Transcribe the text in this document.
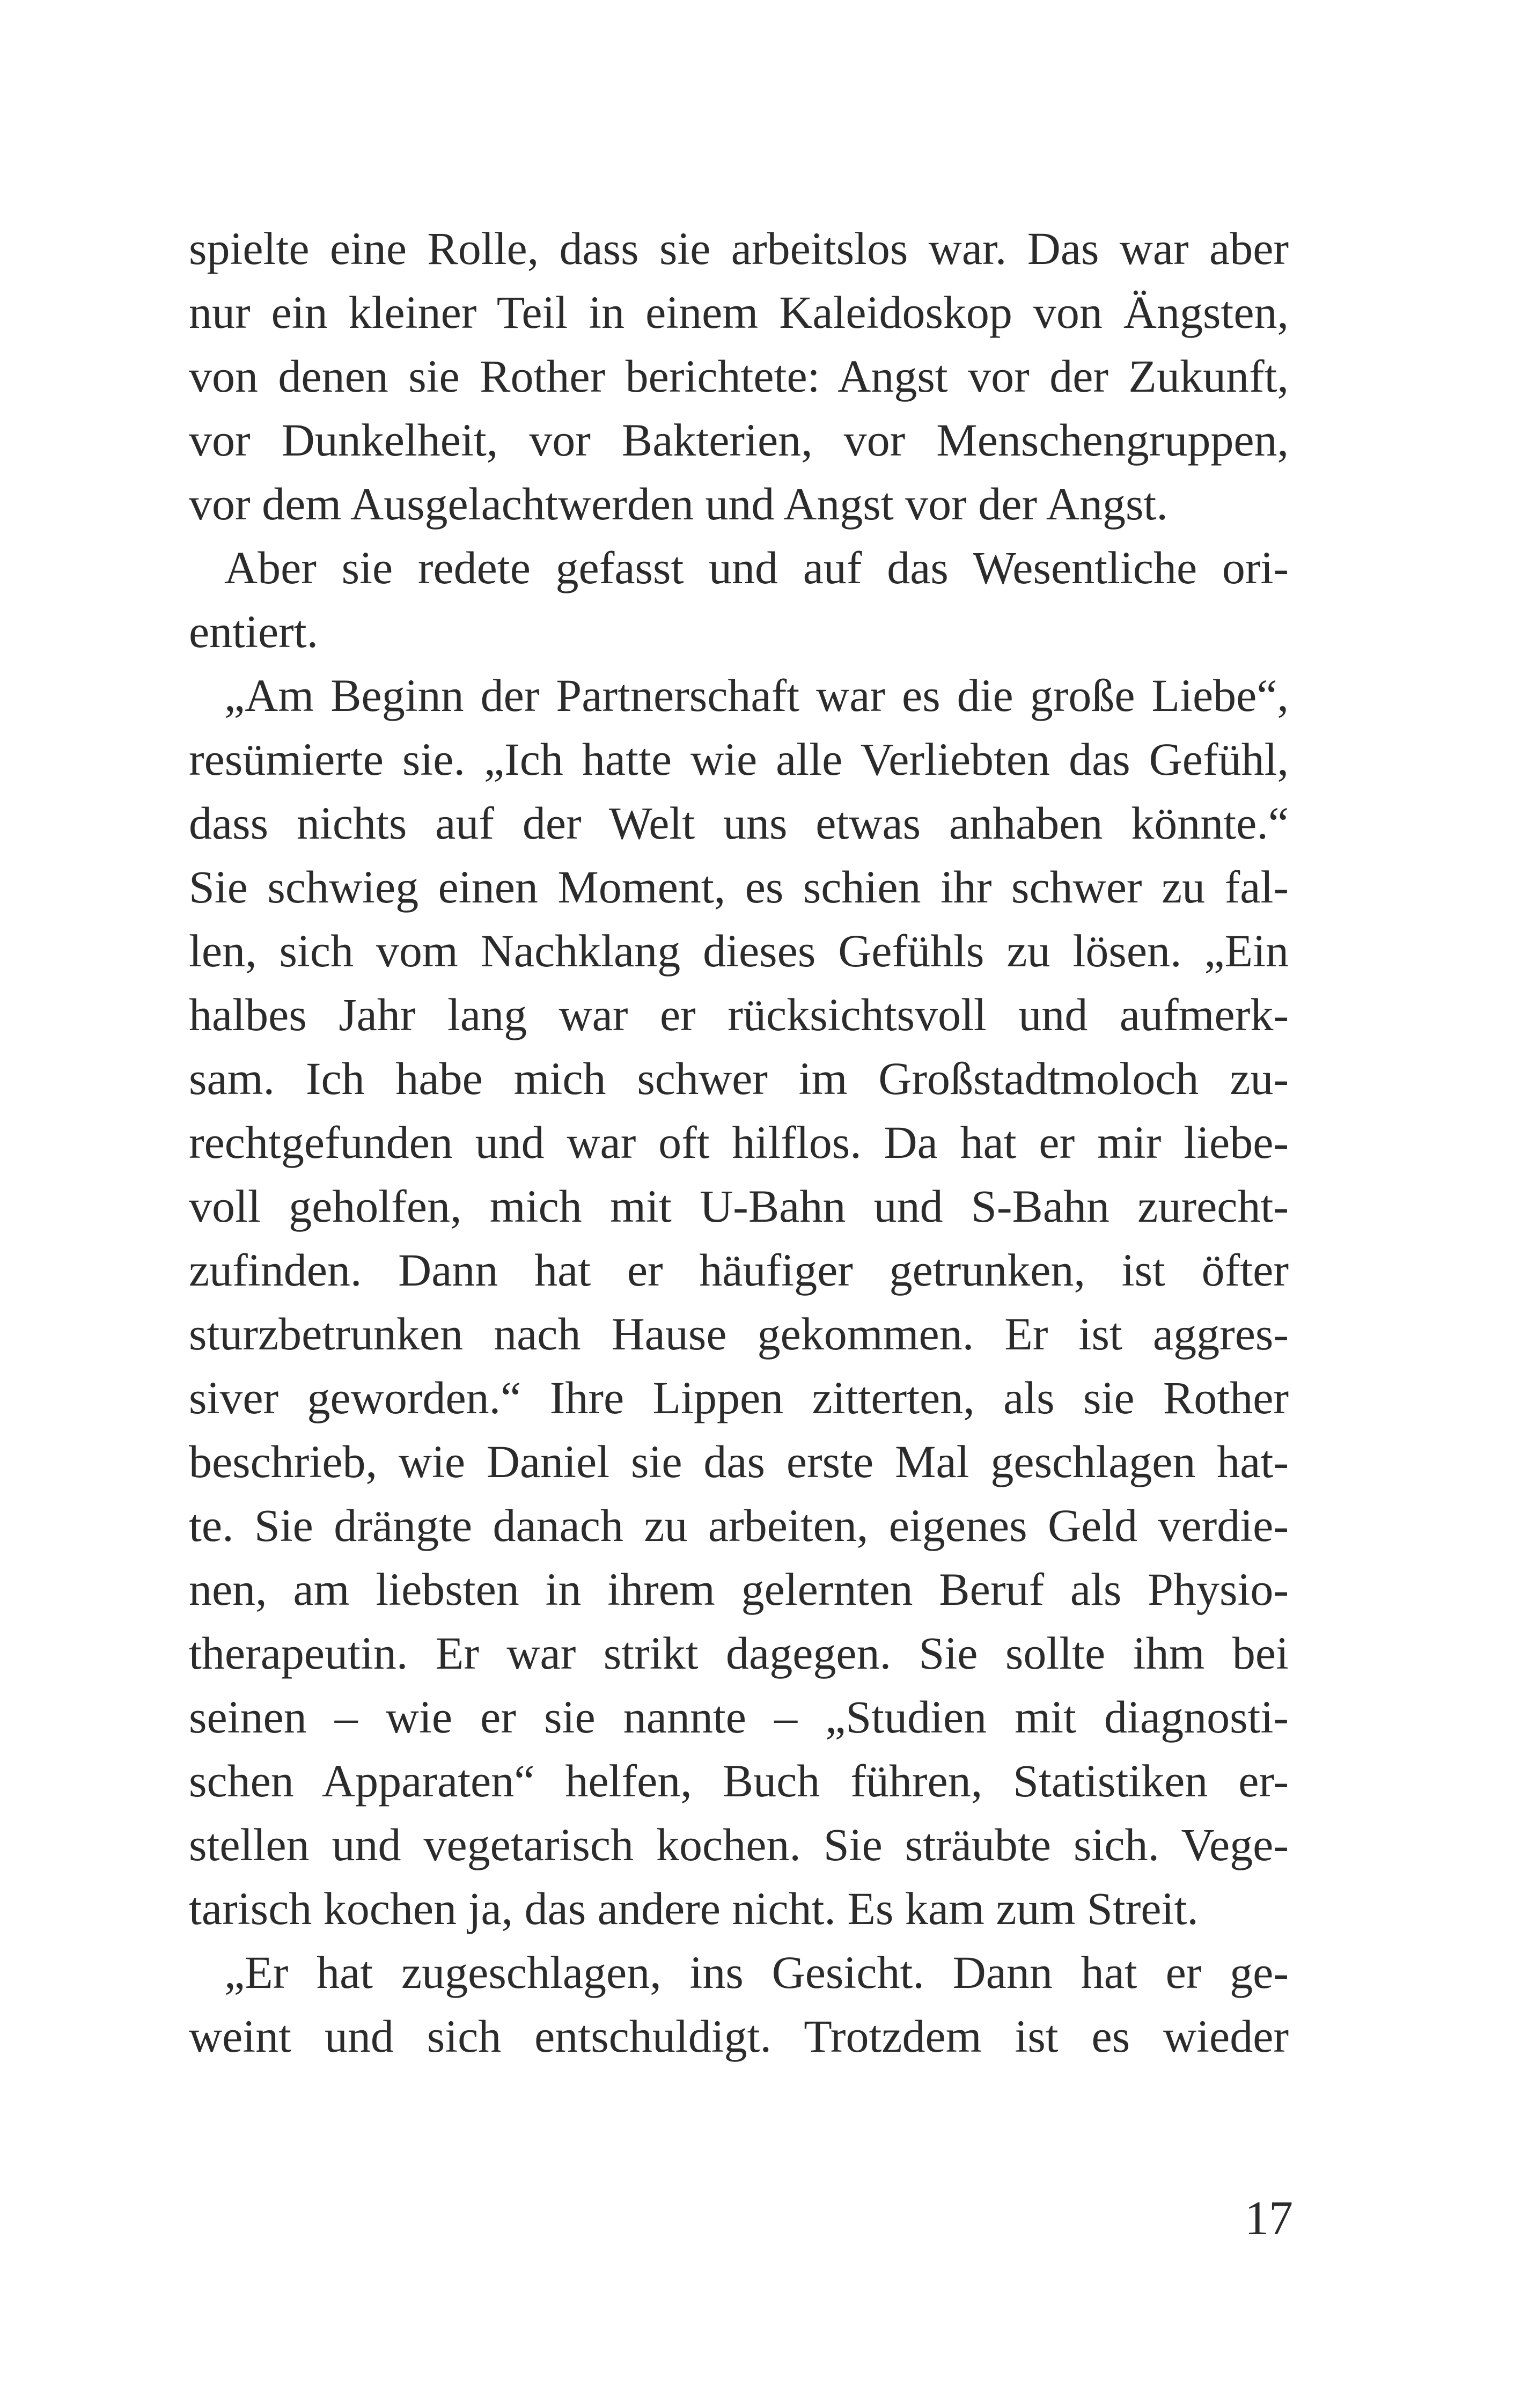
spielte eine Rolle, dass sie arbeitslos war. Das war aber
nur ein kleiner Teil in einem Kaleidoskop von Ängsten,
von denen sie Rother berichtete: Angst vor der Zukunft,
vor Dunkelheit, vor Bakterien, vor Menschengruppen,
vor dem Ausgelachtwerden und Angst vor der Angst.
Aber sie redete gefasst und auf das Wesentliche ori-
entiert.
„Am Beginn der Partnerschaft war es die große Liebe“,
resümierte sie. „Ich hatte wie alle Verliebten das Gefühl,
dass nichts auf der Welt uns etwas anhaben könnte.“
Sie schwieg einen Moment, es schien ihr schwer zu fal-
len, sich vom Nachklang dieses Gefühls zu lösen. „Ein
halbes Jahr lang war er rücksichtsvoll und aufmerk-
sam. Ich habe mich schwer im Großstadtmoloch zu-
rechtgefunden und war oft hilflos. Da hat er mir liebe-
voll geholfen, mich mit U-Bahn und S-Bahn zurecht-
zufinden. Dann hat er häufiger getrunken, ist öfter
sturzbetrunken nach Hause gekommen. Er ist aggres-
siver geworden.“ Ihre Lippen zitterten, als sie Rother
beschrieb, wie Daniel sie das erste Mal geschlagen hat-
te. Sie drängte danach zu arbeiten, eigenes Geld verdie-
nen, am liebsten in ihrem gelernten Beruf als Physio-
therapeutin. Er war strikt dagegen. Sie sollte ihm bei
seinen – wie er sie nannte – „Studien mit diagnosti-
schen Apparaten“ helfen, Buch führen, Statistiken er-
stellen und vegetarisch kochen. Sie sträubte sich. Vege-
tarisch kochen ja, das andere nicht. Es kam zum Streit.
„Er hat zugeschlagen, ins Gesicht. Dann hat er ge-
weint und sich entschuldigt. Trotzdem ist es wieder
17
